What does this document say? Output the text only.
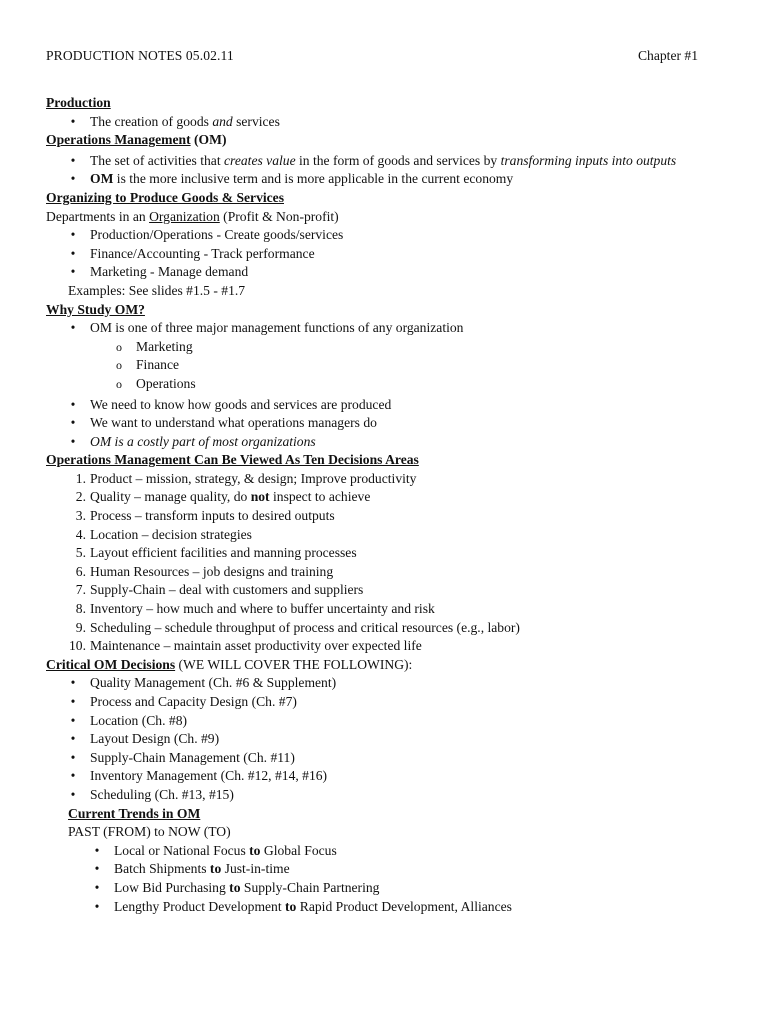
PRODUCTION NOTES 05.02.11	Chapter #1
Production
•	The creation of goods and services
Operations Management (OM)
•	The set of activities that creates value in the form of goods and services by transforming inputs into outputs
•	OM is the more inclusive term and is more applicable in the current economy
Organizing to Produce Goods & Services
Departments in an Organization (Profit & Non-profit)
•	Production/Operations - Create goods/services
•	Finance/Accounting - Track performance
•	Marketing - Manage demand
Examples: See slides #1.5 - #1.7
Why Study OM?
•	OM is one of three major management functions of any organization
o	Marketing
o	Finance
o	Operations
•	We need to know how goods and services are produced
•	We want to understand what operations managers do
•	OM is a costly part of most organizations
Operations Management Can Be Viewed As Ten Decisions Areas
1. Product – mission, strategy, & design; Improve productivity
2. Quality – manage quality, do not inspect to achieve
3. Process – transform inputs to desired outputs
4. Location – decision strategies
5. Layout efficient facilities and manning processes
6. Human Resources – job designs and training
7. Supply-Chain – deal with customers and suppliers
8. Inventory – how much and where to buffer uncertainty and risk
9. Scheduling – schedule throughput of process and critical resources (e.g., labor)
10. Maintenance – maintain asset productivity over expected life
Critical OM Decisions (WE WILL COVER THE FOLLOWING):
•	Quality Management (Ch. #6 & Supplement)
•	Process and Capacity Design (Ch. #7)
•	Location (Ch. #8)
•	Layout Design (Ch. #9)
•	Supply-Chain Management (Ch. #11)
•	Inventory Management (Ch. #12, #14, #16)
•	Scheduling (Ch. #13, #15)
Current Trends in OM
PAST (FROM) to NOW (TO)
•	Local or National Focus to Global Focus
•	Batch Shipments to Just-in-time
•	Low Bid Purchasing to Supply-Chain Partnering
•	Lengthy Product Development to Rapid Product Development, Alliances
